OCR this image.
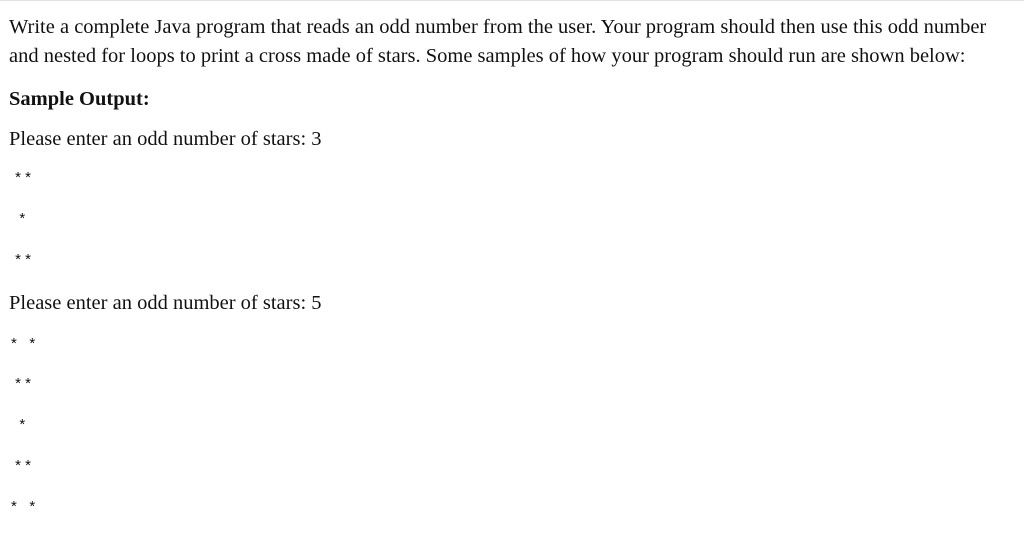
Write a complete Java program that reads an odd number from the user. Your program should then use this odd number
and nested for loops to print a cross made of stars. Some samples of how your program should run are shown below:
Sample Output:
Please enter an odd number of stars: 3
* *
*
* *
Please enter an odd number of stars: 5
*   *
* *
*
* *
*   *
